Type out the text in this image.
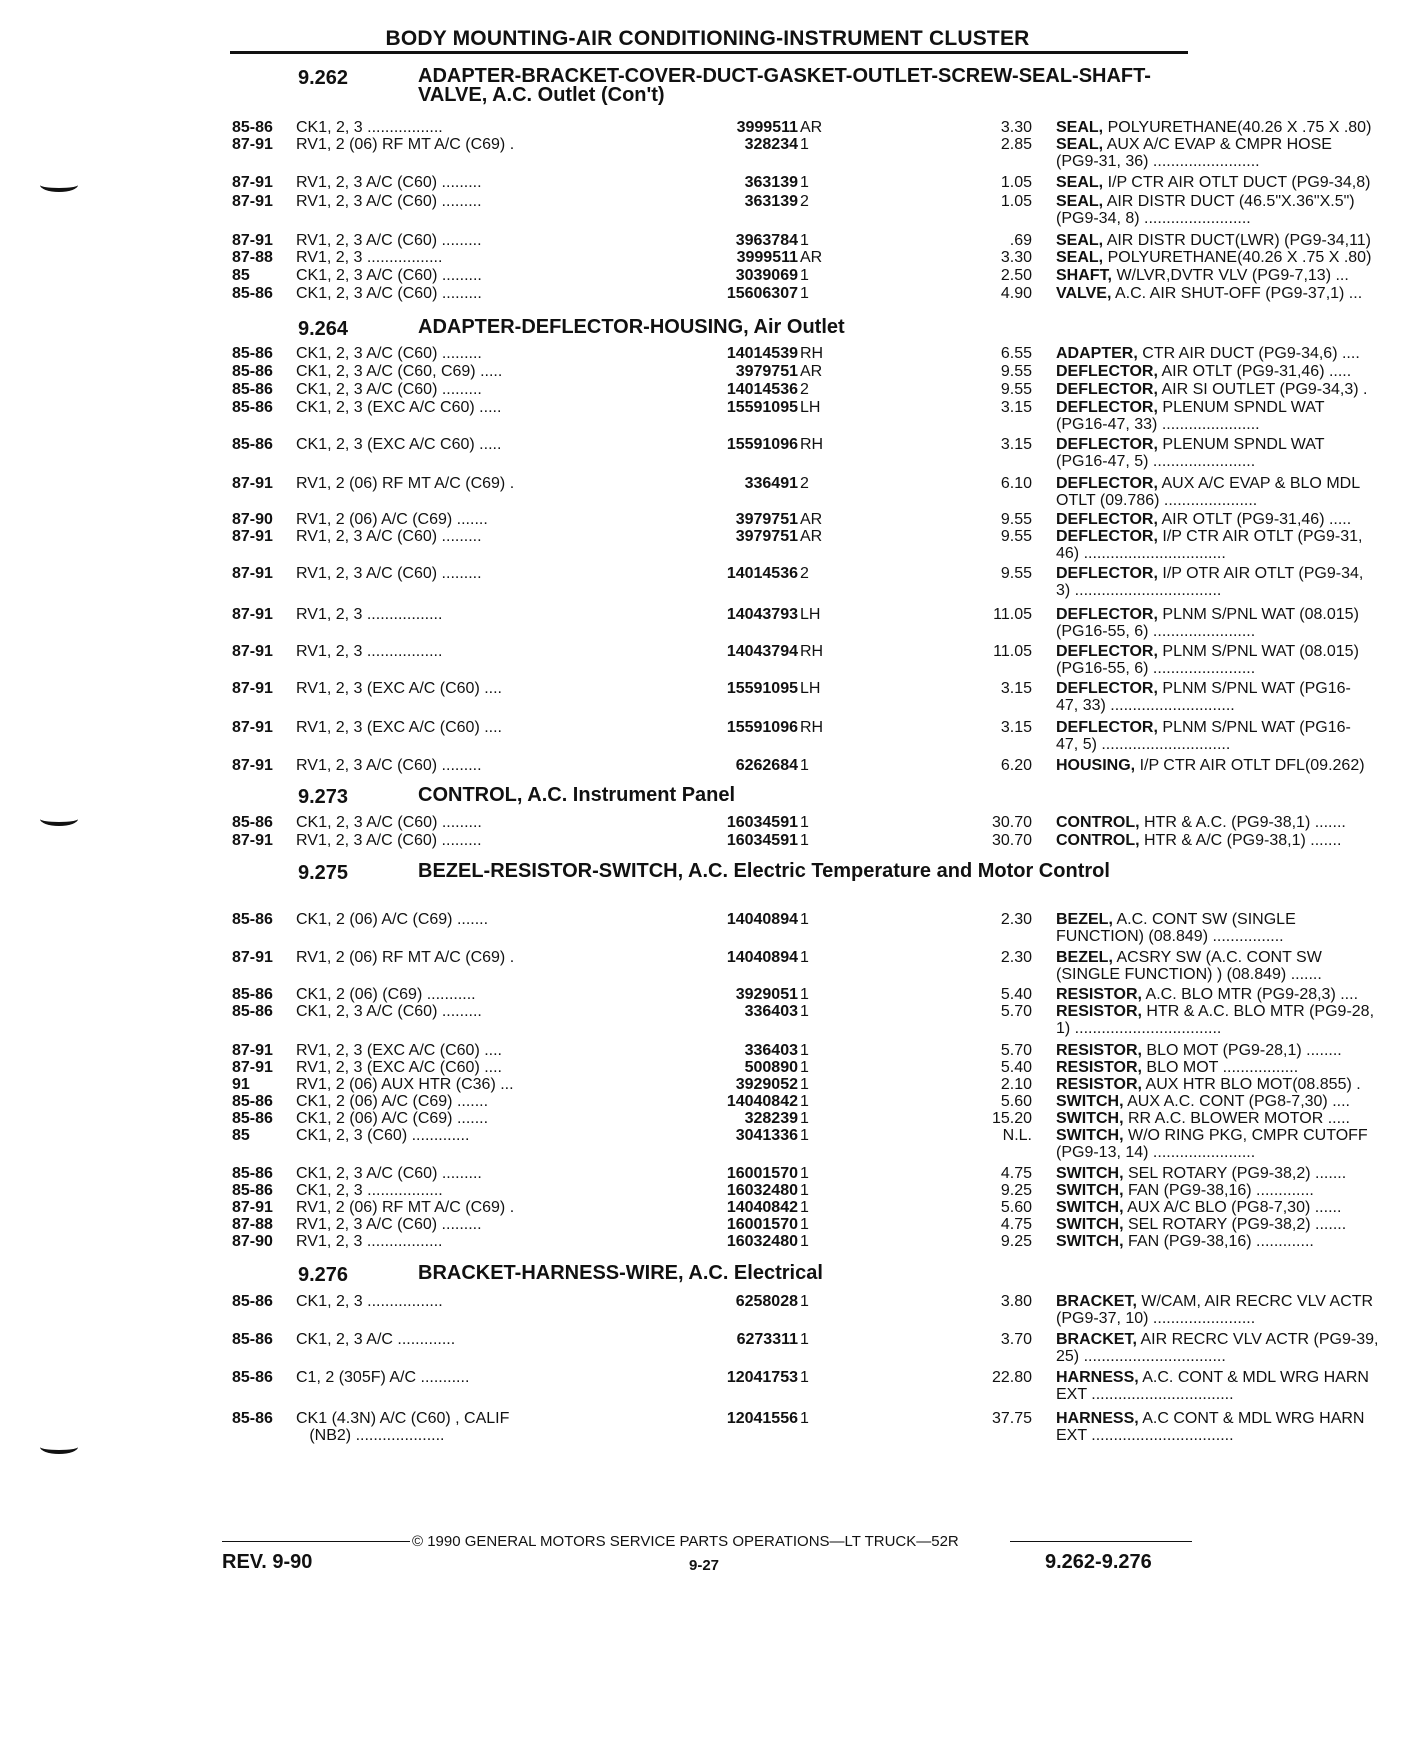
BODY MOUNTING-AIR CONDITIONING-INSTRUMENT CLUSTER
9.262	ADAPTER-BRACKET-COVER-DUCT-GASKET-OUTLET-SCREW-SEAL-SHAFT-VALVE, A.C. Outlet (Con't)
85-86 CK1, 2, 3 .................	3999511 AR	3.30 SEAL, POLYURETHANE(40.26 X .75 X .80)
87-91 RV1, 2 (06) RF MT A/C (C69) .	328234 1	2.85 SEAL, AUX A/C EVAP & CMPR HOSE
(PG9-31, 36) ........................
87-91 RV1, 2, 3 A/C (C60) .........	363139 1	1.05 SEAL, I/P CTR AIR OTLT DUCT (PG9-34,8)
87-91 RV1, 2, 3 A/C (C60) .........	363139 2	1.05 SEAL, AIR DISTR DUCT (46.5"X.36"X.5")
(PG9-34, 8) ........................
87-91 RV1, 2, 3 A/C (C60) .........	3963784 1	.69 SEAL, AIR DISTR DUCT(LWR) (PG9-34,11)
87-88 RV1, 2, 3 .................	3999511 AR	3.30 SEAL, POLYURETHANE(40.26 X .75 X .80)
85	CK1, 2, 3 A/C (C60) .........	3039069 1	2.50 SHAFT, W/LVR,DVTR VLV (PG9-7,13) ...
85-86 CK1, 2, 3 A/C (C60) .........	15606307 1	4.90 VALVE, A.C. AIR SHUT-OFF (PG9-37,1) ...
9.264	ADAPTER-DEFLECTOR-HOUSING, Air Outlet
85-86 CK1, 2, 3 A/C (C60) .........	14014539 RH	6.55 ADAPTER, CTR AIR DUCT (PG9-34,6) ....
85-86 CK1, 2, 3 A/C (C60, C69) .....	3979751 AR	9.55 DEFLECTOR, AIR OTLT (PG9-31,46) .....
85-86 CK1, 2, 3 A/C (C60) .........	14014536 2	9.55 DEFLECTOR, AIR SI OUTLET (PG9-34,3) .
85-86 CK1, 2, 3 (EXC A/C C60) .....	15591095 LH	3.15 DEFLECTOR, PLENUM SPNDL WAT
(PG16-47, 33) ......................
85-86 CK1, 2, 3 (EXC A/C C60) .....	15591096 RH	3.15 DEFLECTOR, PLENUM SPNDL WAT
(PG16-47, 5) .......................
87-91 RV1, 2 (06) RF MT A/C (C69) .	336491 2	6.10 DEFLECTOR, AUX A/C EVAP & BLO MDL
OTLT (09.786) .....................
87-90 RV1, 2 (06) A/C (C69) .......	3979751 AR	9.55 DEFLECTOR, AIR OTLT (PG9-31,46) .....
87-91 RV1, 2, 3 A/C (C60) .........	3979751 AR	9.55 DEFLECTOR, I/P CTR AIR OTLT (PG9-31,
46) ................................
87-91 RV1, 2, 3 A/C (C60) .........	14014536 2	9.55 DEFLECTOR, I/P OTR AIR OTLT (PG9-34,
3) .................................
87-91 RV1, 2, 3 .................	14043793 LH	11.05 DEFLECTOR, PLNM S/PNL WAT (08.015)
(PG16-55, 6) .......................
87-91 RV1, 2, 3 .................	14043794 RH	11.05 DEFLECTOR, PLNM S/PNL WAT (08.015)
(PG16-55, 6) .......................
87-91 RV1, 2, 3 (EXC A/C (C60) ....	15591095 LH	3.15 DEFLECTOR, PLNM S/PNL WAT (PG16-
47, 33) ............................
87-91 RV1, 2, 3 (EXC A/C (C60) ....	15591096 RH	3.15 DEFLECTOR, PLNM S/PNL WAT (PG16-
47, 5) .............................
87-91 RV1, 2, 3 A/C (C60) .........	6262684 1	6.20 HOUSING, I/P CTR AIR OTLT DFL(09.262)
9.273	CONTROL, A.C. Instrument Panel
85-86 CK1, 2, 3 A/C (C60) .........	16034591 1	30.70 CONTROL, HTR & A.C. (PG9-38,1) .......
87-91 RV1, 2, 3 A/C (C60) .........	16034591 1	30.70 CONTROL, HTR & A/C (PG9-38,1) .......
9.275	BEZEL-RESISTOR-SWITCH, A.C. Electric Temperature and Motor Control
85-86 CK1, 2 (06) A/C (C69) .......	14040894 1	2.30 BEZEL, A.C. CONT SW (SINGLE
FUNCTION) (08.849) ................
87-91 RV1, 2 (06) RF MT A/C (C69) .	14040894 1	2.30 BEZEL, ACSRY SW (A.C. CONT SW
(SINGLE FUNCTION) ) (08.849) .......
85-86 CK1, 2 (06) (C69) ...........	3929051 1	5.40 RESISTOR, A.C. BLO MTR (PG9-28,3) ....
85-86 CK1, 2, 3 A/C (C60) .........	336403 1	5.70 RESISTOR, HTR & A.C. BLO MTR (PG9-28,
1) .................................
87-91 RV1, 2, 3 (EXC A/C (C60) ....	336403 1	5.70 RESISTOR, BLO MOT (PG9-28,1) ........
87-91 RV1, 2, 3 (EXC A/C (C60) ....	500890 1	5.40 RESISTOR, BLO MOT .................
91	RV1, 2 (06) AUX HTR (C36) ...	3929052 1	2.10 RESISTOR, AUX HTR BLO MOT(08.855) .
85-86 CK1, 2 (06) A/C (C69) .......	14040842 1	5.60 SWITCH, AUX A.C. CONT (PG8-7,30) ....
85-86 CK1, 2 (06) A/C (C69) .......	328239 1	15.20 SWITCH, RR A.C. BLOWER MOTOR .....
85	CK1, 2, 3 (C60) .............	3041336 1	N.L. SWITCH, W/O RING PKG, CMPR CUTOFF
(PG9-13, 14) .......................
85-86 CK1, 2, 3 A/C (C60) .........	16001570 1	4.75 SWITCH, SEL ROTARY (PG9-38,2) .......
85-86 CK1, 2, 3 .................	16032480 1	9.25 SWITCH, FAN (PG9-38,16) .............
87-91 RV1, 2 (06) RF MT A/C (C69) .	14040842 1	5.60 SWITCH, AUX A/C BLO (PG8-7,30) ......
87-88 RV1, 2, 3 A/C (C60) .........	16001570 1	4.75 SWITCH, SEL ROTARY (PG9-38,2) .......
87-90 RV1, 2, 3 .................	16032480 1	9.25 SWITCH, FAN (PG9-38,16) .............
9.276	BRACKET-HARNESS-WIRE, A.C. Electrical
85-86 CK1, 2, 3 .................	6258028 1	3.80 BRACKET, W/CAM, AIR RECRC VLV ACTR
(PG9-37, 10) .......................
85-86 CK1, 2, 3 A/C .............	6273311 1	3.70 BRACKET, AIR RECRC VLV ACTR (PG9-39,
25) ................................
85-86 C1, 2 (305F) A/C ...........	12041753 1	22.80 HARNESS, A.C. CONT & MDL WRG HARN
EXT ................................
85-86 CK1 (4.3N) A/C (C60) , CALIF	12041556 1	37.75 HARNESS, A.C CONT & MDL WRG HARN
EXT ................................
(NB2) ....................
© 1990 GENERAL MOTORS SERVICE PARTS OPERATIONS—LT TRUCK—52R
REV. 9-90	9-27	9.262-9.276
